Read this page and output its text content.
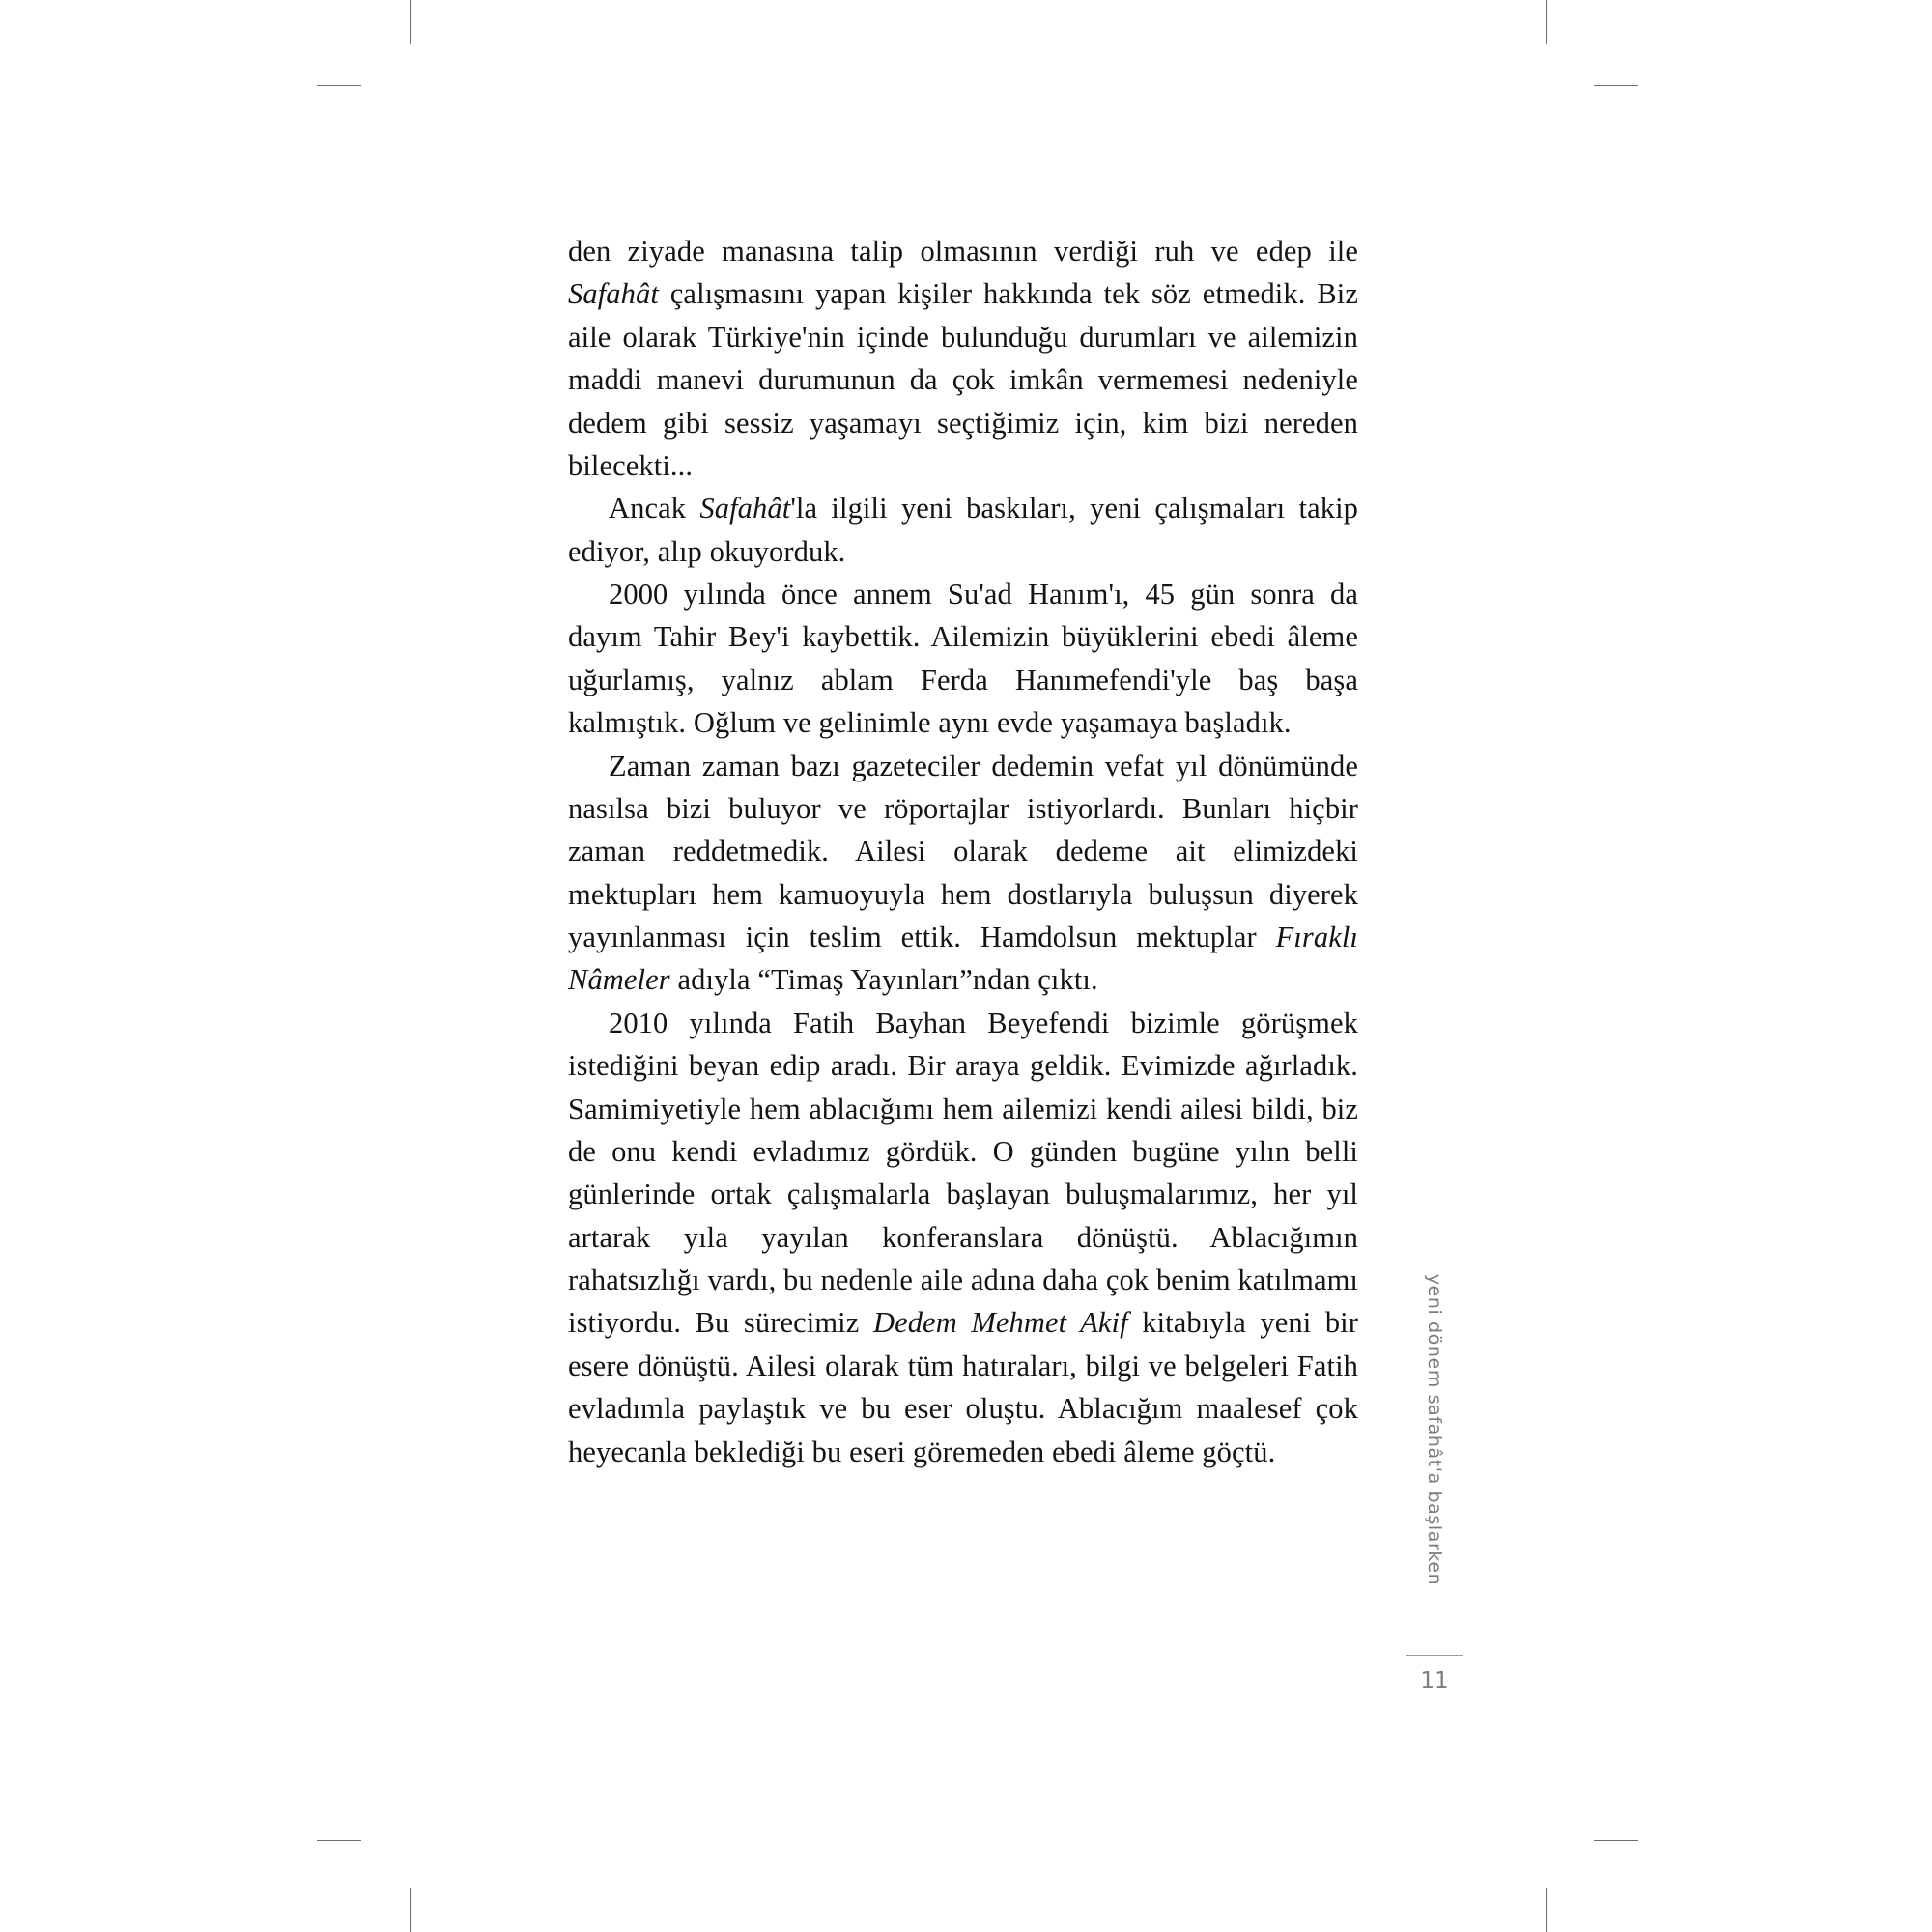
den ziyade manasına talip olmasının verdiği ruh ve edep ile Safahât çalışmasını yapan kişiler hakkında tek söz etmedik. Biz aile olarak Türkiye'nin içinde bulunduğu durumları ve ailemizin maddi manevi durumunun da çok imkân vermemesi nedeniyle dedem gibi sessiz yaşamayı seçtiğimiz için, kim bizi nereden bilecekti...

Ancak Safahât'la ilgili yeni baskıları, yeni çalışmaları takip ediyor, alıp okuyorduk.

2000 yılında önce annem Su'ad Hanım'ı, 45 gün sonra da dayım Tahir Bey'i kaybettik. Ailemizin büyüklerini ebedi âleme uğurlamış, yalnız ablam Ferda Hanımefendi'yle baş başa kalmıştık. Oğlum ve gelinimle aynı evde yaşamaya başladık.

Zaman zaman bazı gazeteciler dedemin vefat yıl dönümünde nasılsa bizi buluyor ve röportajlar istiyorlardı. Bunları hiçbir zaman reddetmedik. Ailesi olarak dedeme ait elimizdeki mektupları hem kamuoyuyla hem dostlarıyla buluşsun diyerek yayınlanması için teslim ettik. Hamdolsun mektuplar Fıraklı Nâmeler adıyla “Timaş Yayınları”ndan çıktı.

2010 yılında Fatih Bayhan Beyefendi bizimle görüşmek istediğini beyan edip aradı. Bir araya geldik. Evimizde ağırladık. Samimiyetiyle hem ablacığımı hem ailemizi kendi ailesi bildi, biz de onu kendi evladımız gördük. O günden bugüne yılın belli günlerinde ortak çalışmalarla başlayan buluşmalarımız, her yıl artarak yıla yayılan konferanslara dönüştü. Ablacığımın rahatsızlığı vardı, bu nedenle aile adına daha çok benim katılmamı istiyordu. Bu sürecimiz Dedem Mehmet Akif kitabıyla yeni bir esere dönüştü. Ailesi olarak tüm hatıraları, bilgi ve belgeleri Fatih evladımla paylaştık ve bu eser oluştu. Ablacığım maalesef çok heyecanla beklediği bu eseri göremeden ebedi âleme göçtü.	yeni dönem safahât'a başlarken
11
